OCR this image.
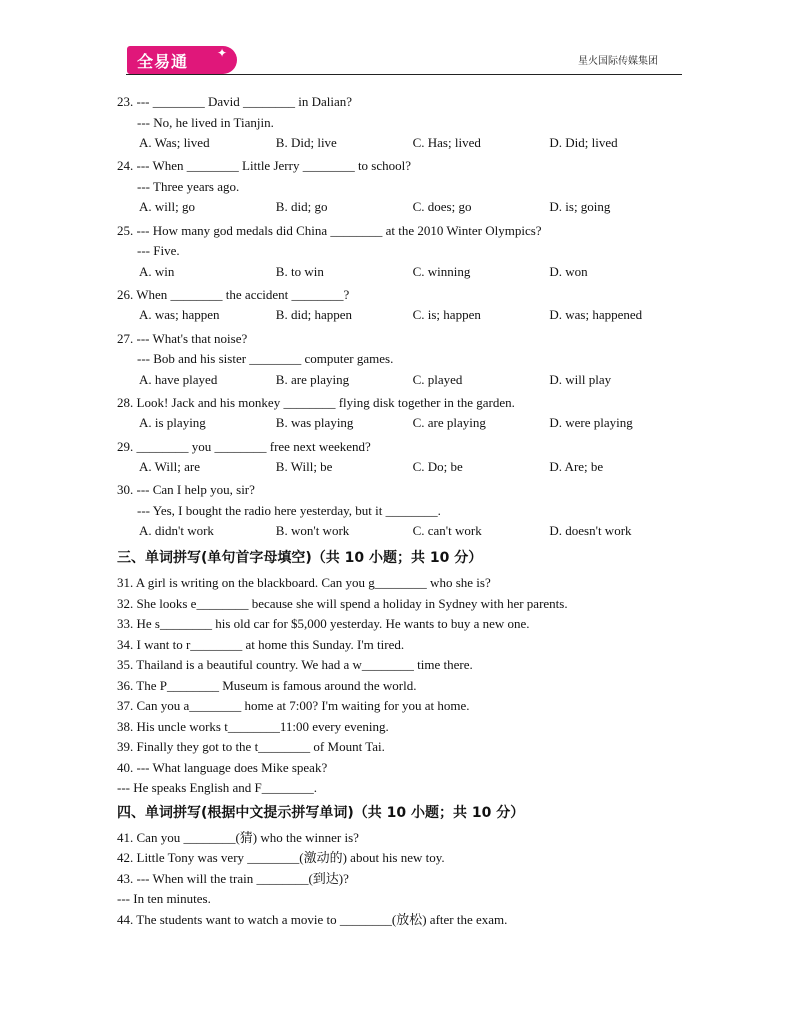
全易通 ✦
星火国际传媒集团
23. --- ________ David ________ in Dalian?
--- No, he lived in Tianjin.
A. Was; lived	B. Did; live	C. Has; lived	D. Did; lived
24. --- When ________ Little Jerry ________ to school?
--- Three years ago.
A. will; go	B. did; go	C. does; go	D. is; going
25. --- How many god medals did China ________ at the 2010 Winter Olympics?
--- Five.
A. win	B. to win	C. winning	D. won
26. When ________ the accident ________?
A. was; happen	B. did; happen	C. is; happen	D. was; happened
27. --- What's that noise?
--- Bob and his sister ________ computer games.
A. have played	B. are playing	C. played	D. will play
28. Look! Jack and his monkey ________ flying disk together in the garden.
A. is playing	B. was playing	C. are playing	D. were playing
29. ________ you ________ free next weekend?
A. Will; are	B. Will; be	C. Do; be	D. Are; be
30. --- Can I help you, sir?
--- Yes, I bought the radio here yesterday, but it ________.
A. didn't work	B. won't work	C. can't work	D. doesn't work
三、单词拼写(单句首字母填空)（共 10 小题；共 10 分）
31. A girl is writing on the blackboard. Can you g________ who she is?
32. She looks e________ because she will spend a holiday in Sydney with her parents.
33. He s________ his old car for $5,000 yesterday. He wants to buy a new one.
34. I want to r________ at home this Sunday. I'm tired.
35. Thailand is a beautiful country. We had a w________ time there.
36. The P________ Museum is famous around the world.
37. Can you a________ home at 7:00? I'm waiting for you at home.
38. His uncle works t________11:00 every evening.
39. Finally they got to the t________ of Mount Tai.
40. --- What language does Mike speak?
--- He speaks English and F________.
四、单词拼写(根据中文提示拼写单词)（共 10 小题；共 10 分）
41. Can you ________(猜) who the winner is?
42. Little Tony was very ________(激动的) about his new toy.
43. --- When will the train ________(到达)?
--- In ten minutes.
44. The students want to watch a movie to ________(放松) after the exam.
